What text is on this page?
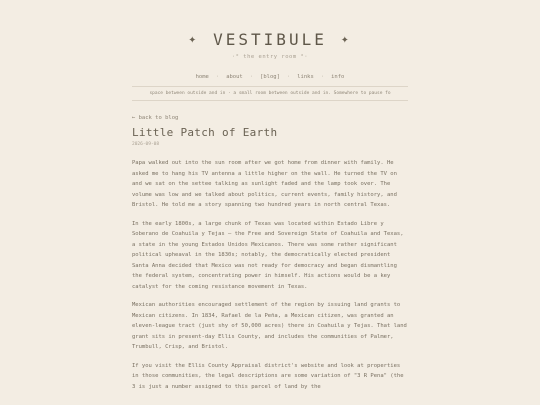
✦ VESTIBULE ✦
·° the entry room °·
home	·	about	·	[blog]	·	links	·	info
space between outside and in · a small room between outside and in. Somewhere to pause fo
← back to blog
Little Patch of Earth
2026-09-08

Papa walked out into the sun room after we got home from dinner with family. He asked me to hang his TV antenna a little higher on the wall. He turned the TV on and we sat on the settee talking as sunlight faded and the lamp took over. The volume was low and we talked about politics, current events, family history, and Bristol. He told me a story spanning two hundred years in north central Texas.

In the early 1800s, a large chunk of Texas was located within Estado Libre y Soberano de Coahuila y Tejas – the Free and Sovereign State of Coahuila and Texas, a state in the young Estados Unidos Mexicanos. There was some rather significant political upheaval in the 1830s; notably, the democratically elected president Santa Anna decided that Mexico was not ready for democracy and began dismantling the federal system, concentrating power in himself. His actions would be a key catalyst for the coming resistance movement in Texas.

Mexican authorities encouraged settlement of the region by issuing land grants to Mexican citizens. In 1834, Rafael de la Peña, a Mexican citizen, was granted an eleven-league tract (just shy of 50,000 acres) there in Coahuila y Tejas. That land grant sits in present-day Ellis County, and includes the communities of Palmer, Trumbull, Crisp, and Bristol.

If you visit the Ellis County Appraisal district's website and look at properties in those communities, the legal descriptions are some variation of "3 R Pena" (the 3 is just a number assigned to this parcel of land by the
